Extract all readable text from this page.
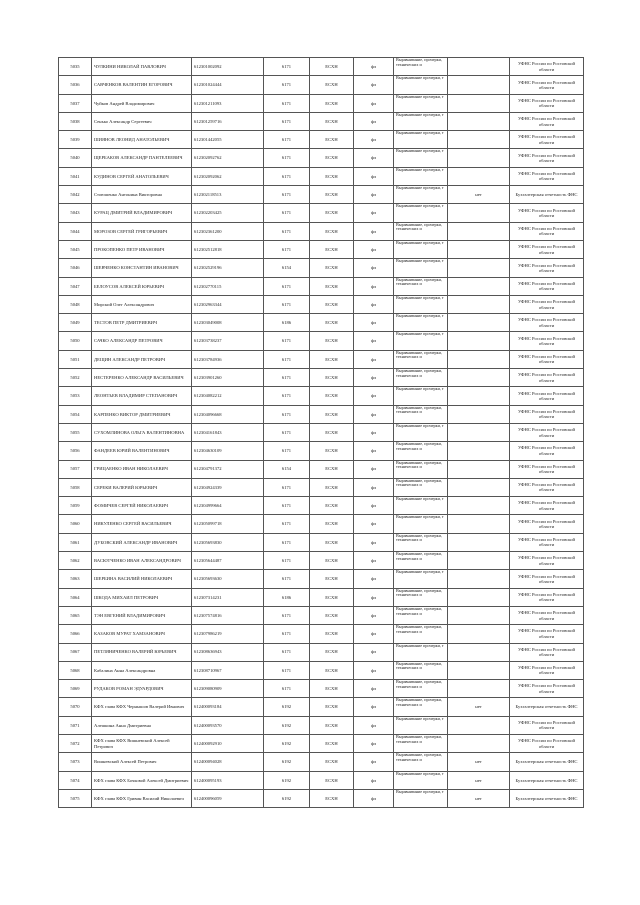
5035	ЧУЛКИНИ НИКОЛАЙ ПАВЛОВИЧ	612301002092	6171	ЕСХН	фл	Выравнивание, прочерки, технических и		УФНС России по Ростовской области
5036	САВЧЕНКОВ ВАЛЕНТИН ЕГОРОВИЧ	612301024444	6171	ЕСХН	фл	Выравнивание прочерки, т		УФНС России по Ростовской области
5037	Чуйков Андрей Владимирович	612301211093	6171	ЕСХН	фл	Выравнивание прочерки, т		УФНС России по Ростовской области
5038	Сенько Александр Сергеевич	612301259716	6171	ЕСХН	фл	Выравнивание прочерки, т		УФНС России по Ростовской области
5039	ШИЯНОВ ЛЕОНИД АНАТОЛЬЕВИЧ	612301442055	6171	ЕСХН	фл	Выравнивание прочерки, т		УФНС России по Ростовской области
5040	ЩЕРБАКОВ АЛЕКСАНДР ПАНТЕЛЕЕВИЧ	612302092762	6171	ЕСХН	фл	Выравнивание прочерки, т		УФНС России по Ростовской области
5041	КУДИНОВ СЕРГЕЙ АНАТОЛЬЕВИЧ	612302092062	6171	ЕСХН	фл	Выравнивание прочерки, т		УФНС России по Ростовской области
5042	Стоюшенко Антонина Викторовна	612302118513	6171	ЕСХН	фл	Выравнивание прочерки, т	нет	Бухгалтерская отчетность ФНС
5043	КУРАЦ ДМИТРИЙ ВЛАДИМИРОВИЧ	612302203425	6171	ЕСХН	фл	Выравнивание прочерки, т		УФНС России по Ростовской области
5044	МОРОЗОВ СЕРГЕЙ ГРИГОРЬЕВИЧ	612302361200	6171	ЕСХН	фл	Выравнивание, прочерки, технических и		УФНС России по Ростовской области
5045	ПРОКОПЕНКО ПЕТР ИВАНОВИЧ	612302512818	6171	ЕСХН	фл	Выравнивание прочерки, т		УФНС России по Ростовской области
5046	ШЕВЧЕНКО КОНСТАНТИН ИВАНОВИЧ	612302529196	6154	ЕСХН	фл	Выравнивание прочерки, т		УФНС России по Ростовской области
5047	БЕЛОУСОВ АЛЕКСЕЙ ЮРЬЕВИЧ	612302770115	6171	ЕСХН	фл	Выравнивание, прочерки, технических и		УФНС России по Ростовской области
5048	Мирский Олег Александрович	612302963344	6171	ЕСХН	фл	Выравнивание прочерки, т		УФНС России по Ростовской области
5049	ТЕСТОВ ПЕТР ДМИТРИЕВИЧ	612303049008	6186	ЕСХН	фл	Выравнивание прочерки, т		УФНС России по Ростовской области
5050	САЧКО АЛЕКСАНДР ПЕТРОВИЧ	612303738237	6171	ЕСХН	фл	Выравнивание прочерки, т		УФНС России по Ростовской области
5051	ДЕЩИН АЛЕКСАНДР ПЕТРОВИЧ	612303784936	6171	ЕСХН	фл	Выравнивание, прочерки, технических и		УФНС России по Ростовской области
5052	НЕСТЕРЕНКО АЛЕКСАНДР ВАСИЛЬЕВИЧ	612303901260	6171	ЕСХН	фл	Выравнивание, прочерки, технических и		УФНС России по Ростовской области
5053	ЛЕОНТЬЕВ ВЛАДИМИР СТЕПАНОВИЧ	612304082212	6171	ЕСХН	фл	Выравнивание прочерки, т		УФНС России по Ростовской области
5054	КАРПЕНКО ВИКТОР ДМИТРИЕВИЧ	612304096668	6171	ЕСХН	фл	Выравнивание, прочерки, технических и		УФНС России по Ростовской области
5055	СУХОМЛИНОВА ОЛЬГА ВАЛЕНТИНОВНА	612304161843	6171	ЕСХН	фл	Выравнивание прочерки, т		УФНС России по Ростовской области
5056	ФАНДЕЕВ ЮРИЙ ВАЛЕНТИНОВИЧ	612304630109	6171	ЕСХН	фл	Выравнивание, прочерки, технических и		УФНС России по Ростовской области
5057	ГРИЦАЕНКО ИВАН НИКОЛАЕВИЧ	612304791372	6154	ЕСХН	фл	Выравнивание, прочерки, технических и		УФНС России по Ростовской области
5058	СЕРЕКИ ВАЛЕРИЙ ЮРЬЕВИЧ	612304924339	6171	ЕСХН	фл	Выравнивание, прочерки, технических и		УФНС России по Ростовской области
5059	ФОМИЧЕВ СЕРГЕЙ НИКОЛАЕВИЧ	612304999664	6171	ЕСХН	фл	Выравнивание прочерки, т		УФНС России по Ростовской области
5060	НИКУЛЕНКО СЕРГЕЙ ВАСИЛЬЕВИЧ	612305099718	6171	ЕСХН	фл	Выравнивание прочерки, т		УФНС России по Ростовской области
5061	ДУБОВСКИЙ АЛЕКСАНДР ИВАНОВИЧ	612305693830	6171	ЕСХН	фл	Выравнивание, прочерки, технических и		УФНС России по Ростовской области
5062	ВАСЮТЧЕНКО ИВАН АЛЕКСАНДРОВИЧ	612305644487	6171	ЕСХН	фл	Выравнивание, прочерки, технических и		УФНС России по Ростовской области
5063	ШЕРБИНА ВАСИЛИЙ НИКОЛАЕВИЧ	612305693630	6171	ЕСХН	фл	Выравнивание прочерки, т		УФНС России по Ростовской области
5064	ШКОДА МИХАИЛ ПЕТРОВИЧ	612307314231	6186	ЕСХН	фл	Выравнивание, прочерки, технических и		УФНС России по Ростовской области
5065	ТЭН ЕВГЕНИЙ ВЛАДИМИРОВИЧ	612307574816	6171	ЕСХН	фл	Выравнивание, прочерки, технических и		УФНС России по Ростовской области
5066	КАЗАКОВ МУРАТ ХАМЗАНОВИЧ	612307986219	6171	ЕСХН	фл	Выравнивание, прочерки, технических и		УФНС России по Ростовской области
5067	ПЕТЛЯНИЧЕНКО ВАЛЕРИЙ ЮРЬЕВИЧ	612308636943	6171	ЕСХН	фл	Выравнивание прочерки, т		УФНС России по Ростовской области
5068	Кабалина Анна Александровна	612308710967	6171	ЕСХН	фл	Выравнивание, прочерки, технических и		УФНС России по Ростовской области
5069	РУДАКОВ РОМАН ЭДУАРДОВИЧ	612309080909	6171	ЕСХН	фл	Выравнивание, прочерки, технических и		УФНС России по Ростовской области
5070	КФХ глава КФХ Чернышов Валерий Ивнович	612400093184	6192	ЕСХН	фл	Выравнивание, прочерки, технических и	нет	Бухгалтерская отчетность ФНС
5071	Алешкина Анна Дмитриевна	612400093570	6192	ЕСХН	фл	Выравнивание прочерки, т		УФНС России по Ростовской области
5072	КФХ глава КФХ Вишневский Алексей Петрович	612400092910	6192	ЕСХН	фл	Выравнивание, прочерки, технических и		УФНС России по Ростовской области
5073	Вишневский Алексей Петрович	612400094028	6192	ЕСХН	фл	Выравнивание, прочерки, технических и	нет	Бухгалтерская отчетность ФНС
5074	КФХ глава КФХ Бочковой Алексей Дмитриевич	612400095193	6192	ЕСХН	фл	Выравнивание прочерки, т	нет	Бухгалтерская отчетность ФНС
5075	КФХ глава КФХ Гривин Василий Николаевич	612400096059	6192	ЕСХН	фл	Выравнивание прочерки, т	нет	Бухгалтерская отчетность ФНС
